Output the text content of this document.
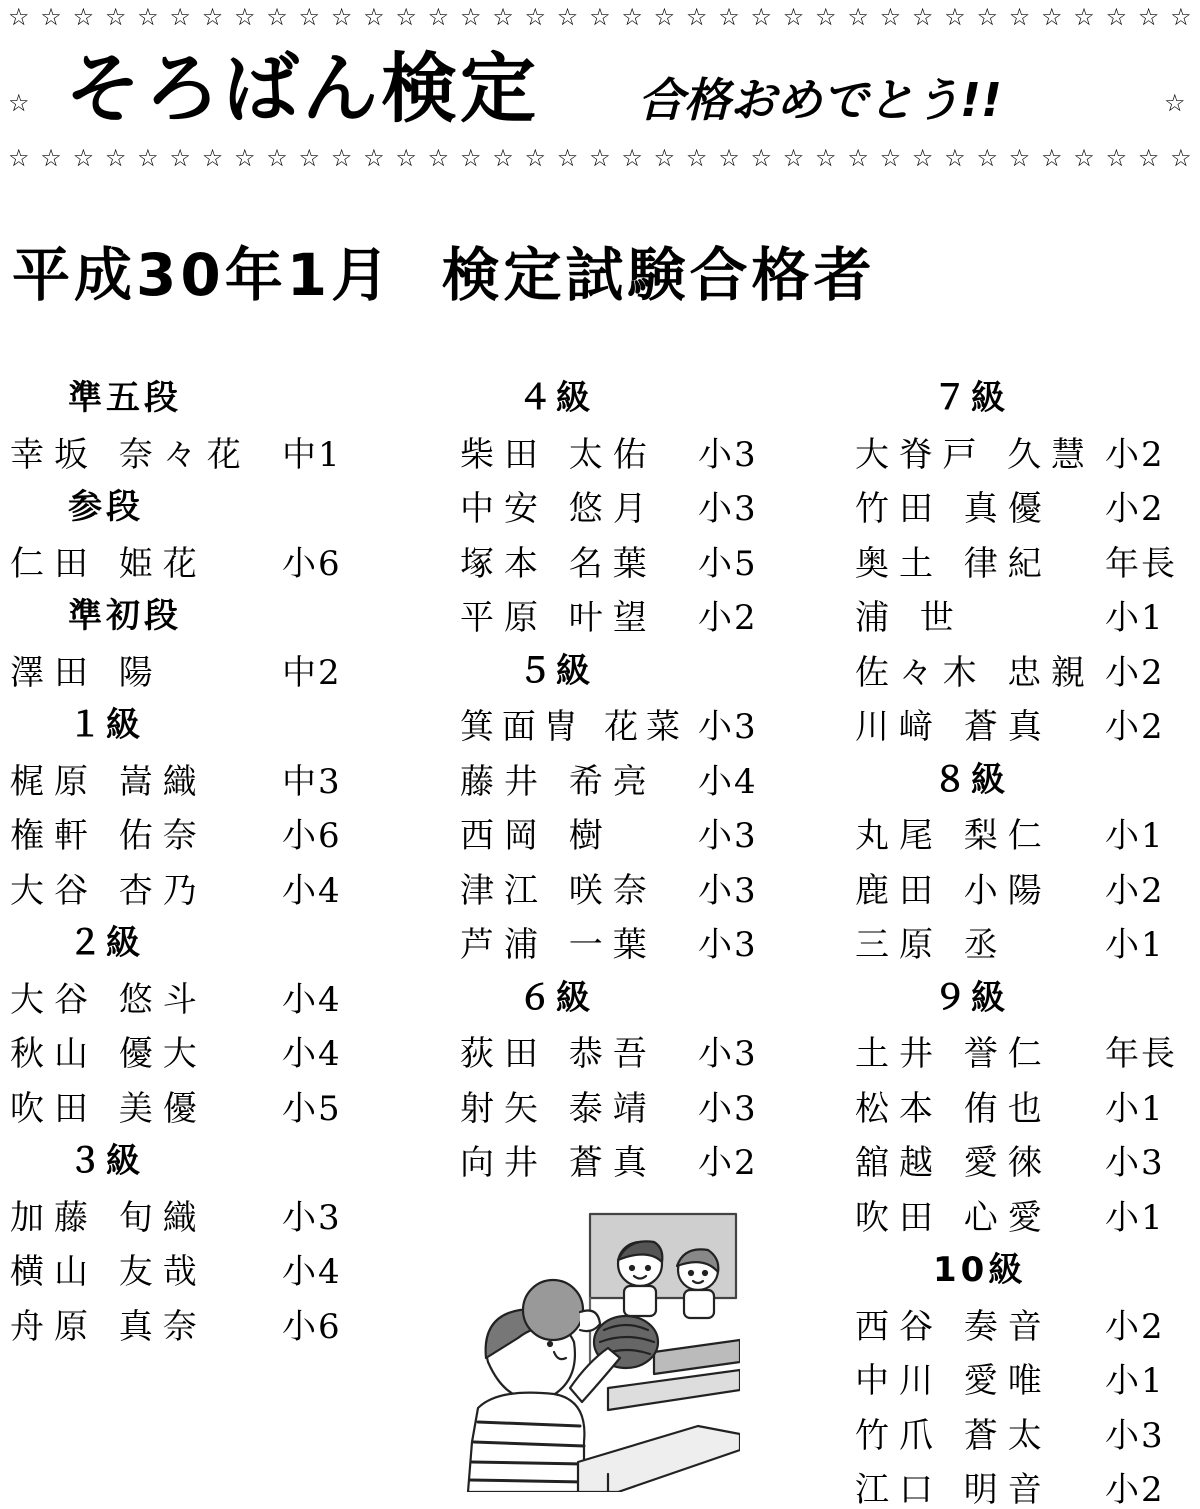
☆ ☆ ☆ ☆ ☆ ☆ ☆ ☆ ☆ ☆ ☆ ☆ ☆ ☆ ☆ ☆ ☆ ☆ ☆ ☆ ☆ ☆ ☆ ☆ ☆ ☆ ☆ ☆ ☆ ☆ ☆ ☆ ☆ ☆ ☆ ☆ ☆
☆	☆
☆ ☆ ☆ ☆ ☆ ☆ ☆ ☆ ☆ ☆ ☆ ☆ ☆ ☆ ☆ ☆ ☆ ☆ ☆ ☆ ☆ ☆ ☆ ☆ ☆ ☆ ☆ ☆ ☆ ☆ ☆ ☆ ☆ ☆ ☆ ☆ ☆
そろばん検定 合格おめでとう!!
平成30年1月  検定試験合格者
準五段
幸坂 奈々花 中1
参段
仁田 姫花 小6
準初段
澤田 陽	中2
１級
梶原 嵩織 中3
権軒 佑奈 小6
大谷 杏乃 小4
２級
大谷 悠斗 小4
秋山 優大 小4
吹田 美優 小5
３級
加藤 旬織 小3
横山 友哉 小4
舟原 真奈 小6
４級
柴田 太佑 小3
中安 悠月 小3
塚本 名葉 小5
平原 叶望 小2
５級
箕面冑 花菜 小3
藤井 希亮 小4
西岡 樹	小3
津江 咲奈 小3
芦浦 一葉 小3
６級
荻田 恭吾 小3
射矢 泰靖 小3
向井 蒼真 小2
７級
大脊戸 久慧 小2
竹田 真優 小2
奥土 律紀 年長
浦 世	小1
佐々木 忠親 小2
川﨑 蒼真 小2
８級
丸尾 梨仁 小1
鹿田 小陽 小2
三原 丞	小1
９級
土井 誉仁 年長
松本 侑也 小1
舘越 愛徠 小3
吹田 心愛 小1
10級
西谷 奏音 小2
中川 愛唯 小1
竹爪 蒼太 小3
江口 明音 小2
